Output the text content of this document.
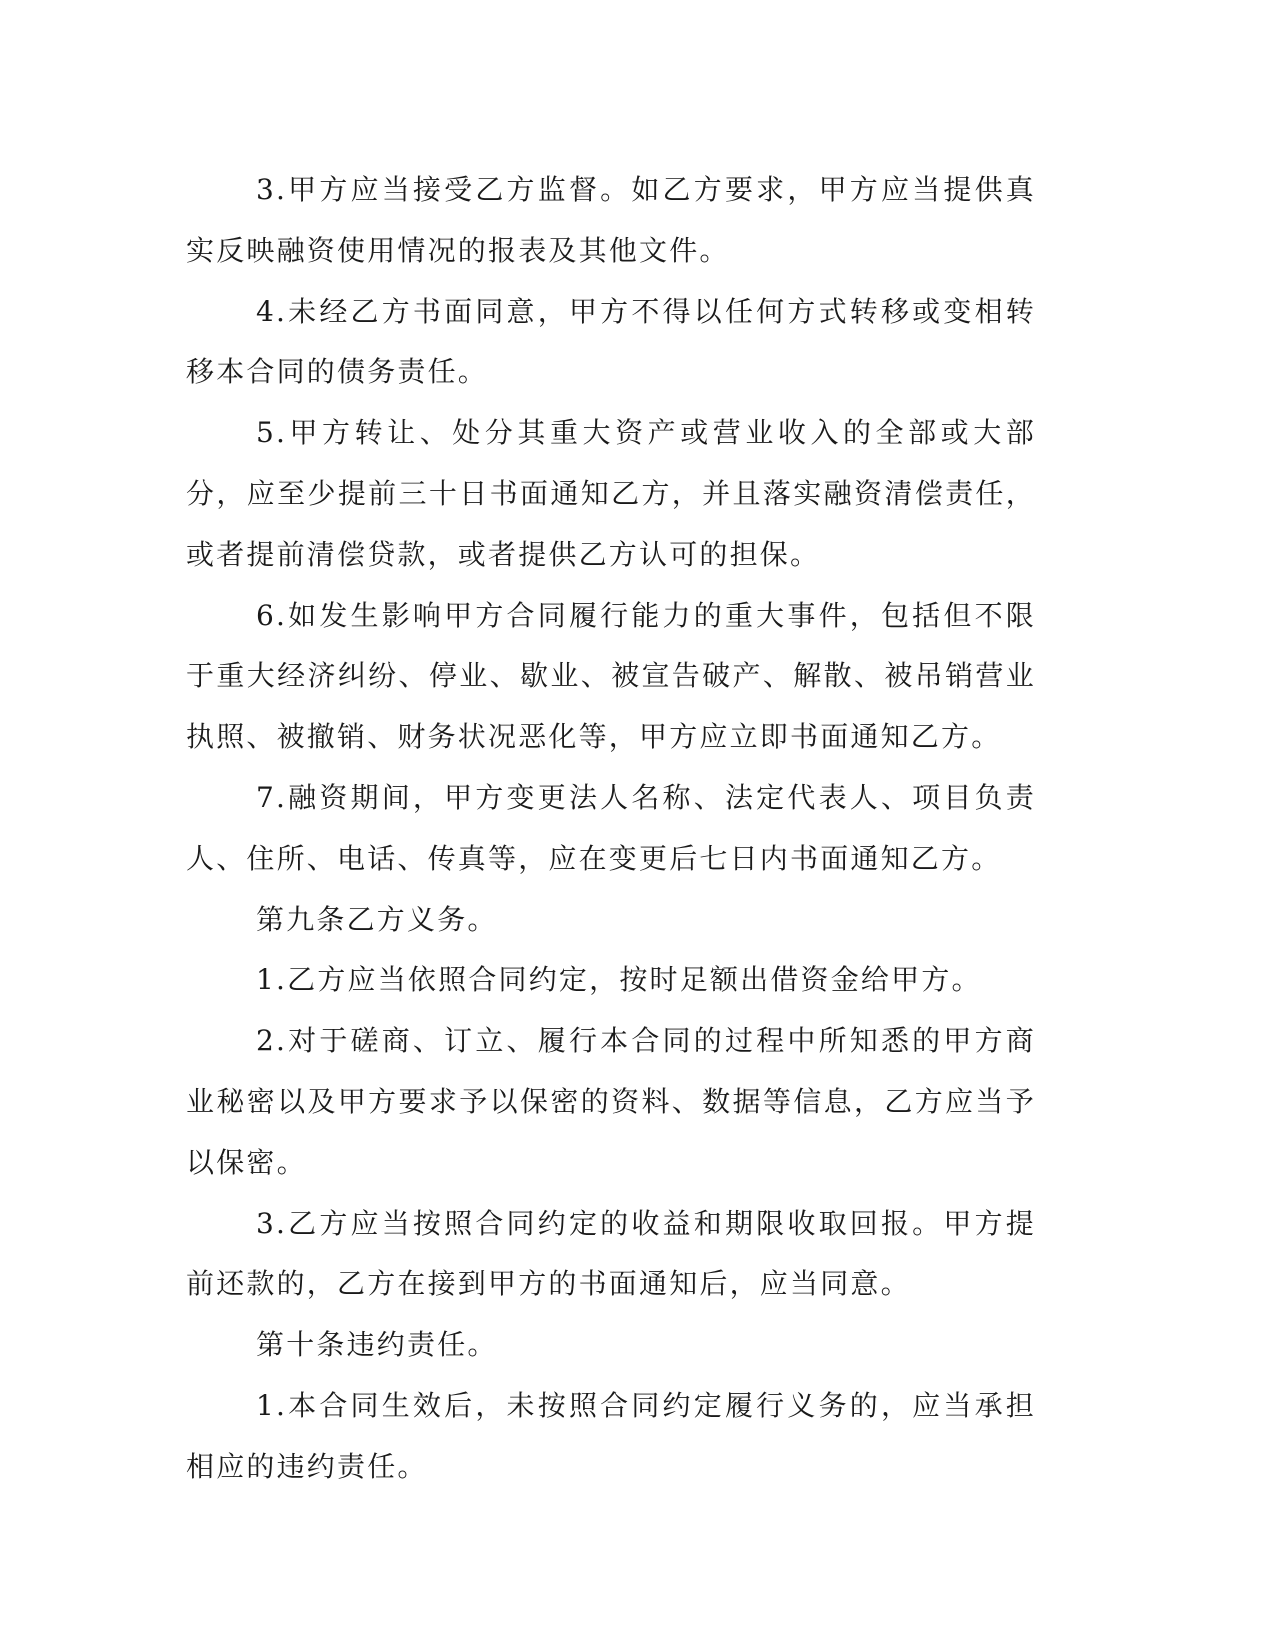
3.甲方应当接受乙方监督。如乙方要求，甲方应当提供真实反映融资使用情况的报表及其他文件。

4.未经乙方书面同意，甲方不得以任何方式转移或变相转移本合同的债务责任。

5.甲方转让、处分其重大资产或营业收入的全部或大部分，应至少提前三十日书面通知乙方，并且落实融资清偿责任，或者提前清偿贷款，或者提供乙方认可的担保。

6.如发生影响甲方合同履行能力的重大事件，包括但不限于重大经济纠纷、停业、歇业、被宣告破产、解散、被吊销营业执照、被撤销、财务状况恶化等，甲方应立即书面通知乙方。

7.融资期间，甲方变更法人名称、法定代表人、项目负责人、住所、电话、传真等，应在变更后七日内书面通知乙方。

第九条乙方义务。

1.乙方应当依照合同约定，按时足额出借资金给甲方。

2.对于磋商、订立、履行本合同的过程中所知悉的甲方商业秘密以及甲方要求予以保密的资料、数据等信息，乙方应当予以保密。

3.乙方应当按照合同约定的收益和期限收取回报。甲方提前还款的，乙方在接到甲方的书面通知后，应当同意。

第十条违约责任。

1.本合同生效后，未按照合同约定履行义务的，应当承担相应的违约责任。
